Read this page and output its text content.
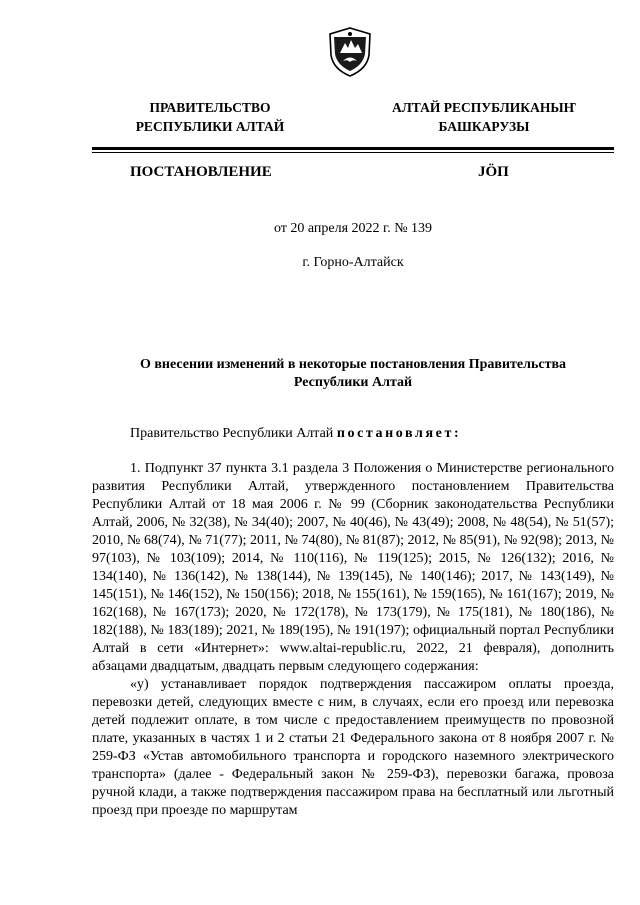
ПРАВИТЕЛЬСТВО
РЕСПУБЛИКИ АЛТАЙ
АЛТАЙ РЕСПУБЛИКАНЫҤ
БАШКАРУЗЫ
ПОСТАНОВЛЕНИЕ	JÖП
от 20 апреля 2022 г. № 139
г. Горно-Алтайск
О внесении изменений в некоторые постановления Правительства
Республики Алтай
Правительство Республики Алтай постановляет:

1. Подпункт 37 пункта 3.1 раздела 3 Положения о Министерстве регионального развития Республики Алтай, утвержденного постановлением Правительства Республики Алтай от 18 мая 2006 г. № 99 (Сборник законодательства Республики Алтай, 2006, № 32(38), № 34(40); 2007, № 40(46), № 43(49); 2008, № 48(54), № 51(57); 2010, № 68(74), № 71(77); 2011, № 74(80), № 81(87); 2012, № 85(91), № 92(98); 2013, № 97(103), № 103(109); 2014, № 110(116), № 119(125); 2015, № 126(132); 2016, № 134(140), № 136(142), № 138(144), № 139(145), № 140(146); 2017, № 143(149), № 145(151), № 146(152), № 150(156); 2018, № 155(161), № 159(165), № 161(167); 2019, № 162(168), № 167(173); 2020, № 172(178), № 173(179), № 175(181), № 180(186), № 182(188), № 183(189); 2021, № 189(195), № 191(197); официальный портал Республики Алтай в сети «Интернет»: www.altai-republic.ru, 2022, 21 февраля), дополнить абзацами двадцатым, двадцать первым следующего содержания:

«у) устанавливает порядок подтверждения пассажиром оплаты проезда, перевозки детей, следующих вместе с ним, в случаях, если его проезд или перевозка детей подлежит оплате, в том числе с предоставлением преимуществ по провозной плате, указанных в частях 1 и 2 статьи 21 Федерального закона от 8 ноября 2007 г. № 259-ФЗ «Устав автомобильного транспорта и городского наземного электрического транспорта» (далее - Федеральный закон № 259-ФЗ), перевозки багажа, провоза ручной клади, а также подтверждения пассажиром права на бесплатный или льготный проезд при проезде по маршрутам
